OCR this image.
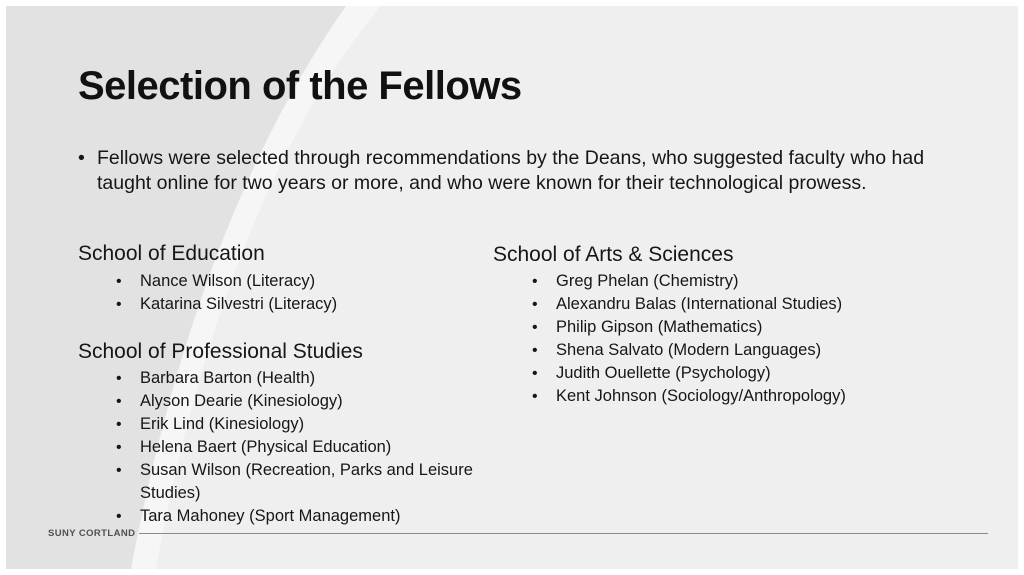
Selection of the Fellows

• Fellows were selected through recommendations by the Deans, who suggested faculty who had taught online for two years or more, and who were known for their technological prowess.

School of Education

• Nance Wilson (Literacy)
• Katarina Silvestri (Literacy)

School of Professional Studies

• Barbara Barton (Health)
• Alyson Dearie (Kinesiology)
• Erik Lind (Kinesiology)
• Helena Baert (Physical Education)
• Susan Wilson (Recreation, Parks and Leisure Studies)
• Tara Mahoney (Sport Management)

School of Arts & Sciences

• Greg Phelan (Chemistry)
• Alexandru Balas (International Studies)
• Philip Gipson (Mathematics)
• Shena Salvato (Modern Languages)
• Judith Ouellette (Psychology)
• Kent Johnson (Sociology/Anthropology)
SUNY CORTLAND
